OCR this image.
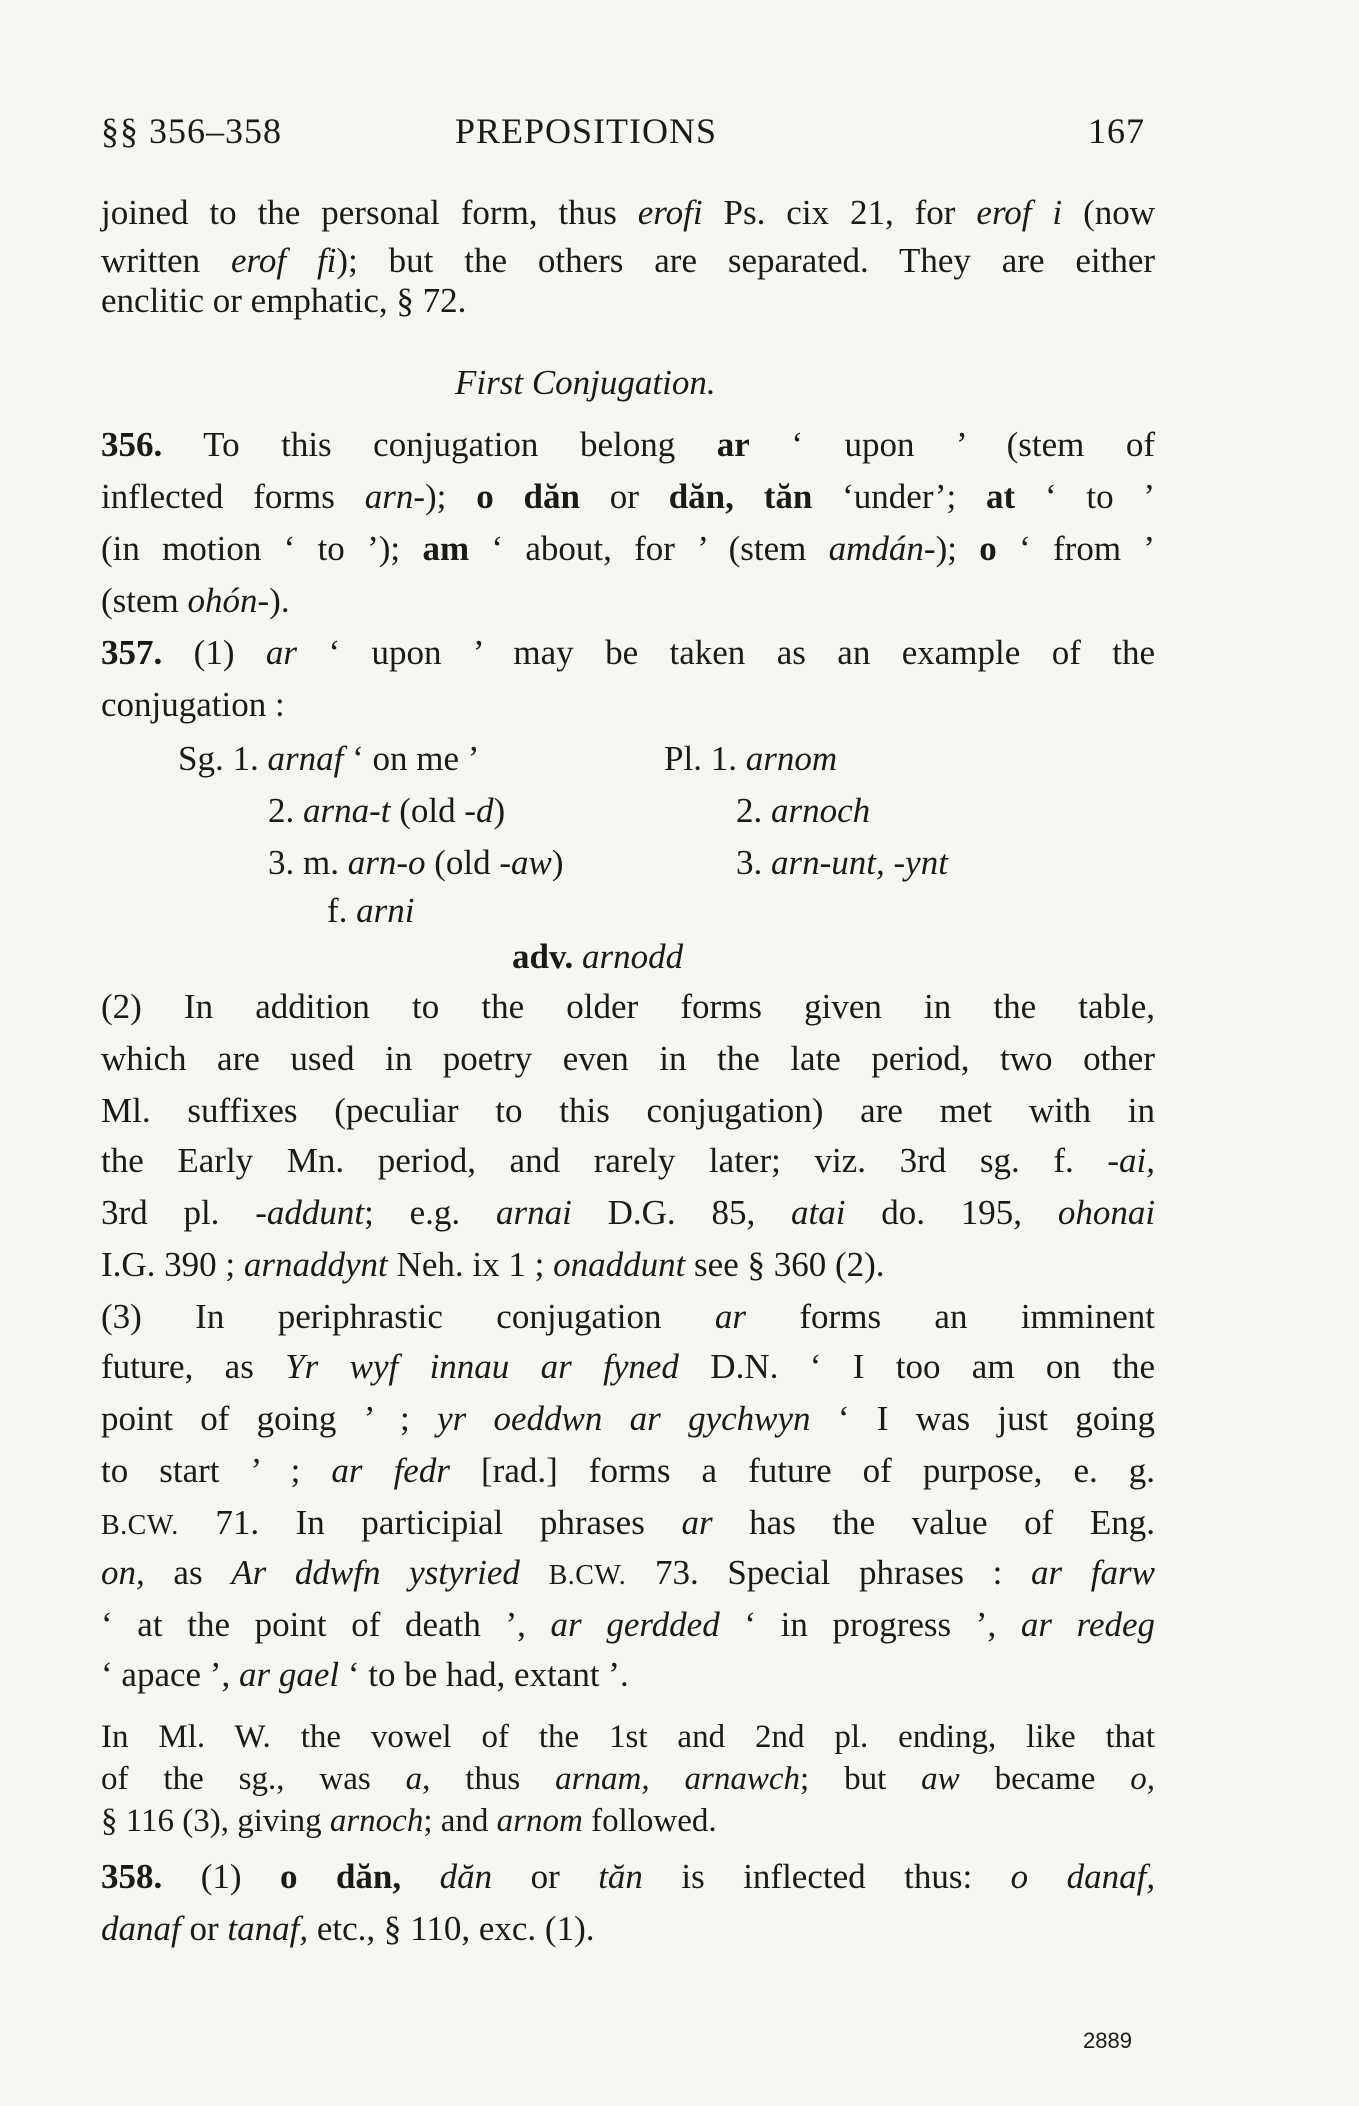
§§ 356–358	PREPOSITIONS	167
joined to the personal form, thus erofi Ps. cix 21, for erof i (now
written erof fi); but the others are separated. They are either
enclitic or emphatic, § 72.
First Conjugation.
356. To this conjugation belong ar ‘ upon ’ (stem of
inflected forms arn-); o dăn or dăn, tăn ‘under’; at ‘ to ’
(in motion ‘ to ’); am ‘ about, for ’ (stem amdán-); o ‘ from ’
(stem ohón-).
357. (1) ar ‘ upon ’ may be taken as an example of the
conjugation :
Sg. 1. arnaf ‘ on me ’
2. arna-t (old -d)
3. m. arn-o (old -aw)
f. arni
Pl. 1. arnom
2. arnoch
3. arn-unt, -ynt
adv. arnodd
(2) In addition to the older forms given in the table,
which are used in poetry even in the late period, two other
Ml. suffixes (peculiar to this conjugation) are met with in
the Early Mn. period, and rarely later; viz. 3rd sg. f. -ai,
3rd pl. -addunt; e.g. arnai D.G. 85, atai do. 195, ohonai
I.G. 390 ; arnaddynt Neh. ix 1 ; onaddunt see § 360 (2).
(3) In periphrastic conjugation ar forms an imminent
future, as Yr wyf innau ar fyned D.N. ‘ I too am on the
point of going ’ ; yr oeddwn ar gychwyn ‘ I was just going
to start ’ ; ar fedr [rad.] forms a future of purpose, e. g.
B.CW. 71. In participial phrases ar has the value of Eng.
on, as Ar ddwfn ystyried B.CW. 73. Special phrases : ar farw
‘ at the point of death ’, ar gerdded ‘ in progress ’, ar redeg
‘ apace ’, ar gael ‘ to be had, extant ’.
In Ml. W. the vowel of the 1st and 2nd pl. ending, like that
of the sg., was a, thus arnam, arnawch; but aw became o,
§ 116 (3), giving arnoch; and arnom followed.
358. (1) o dăn, dăn or tăn is inflected thus: o danaf,
danaf or tanaf, etc., § 110, exc. (1).
2889
